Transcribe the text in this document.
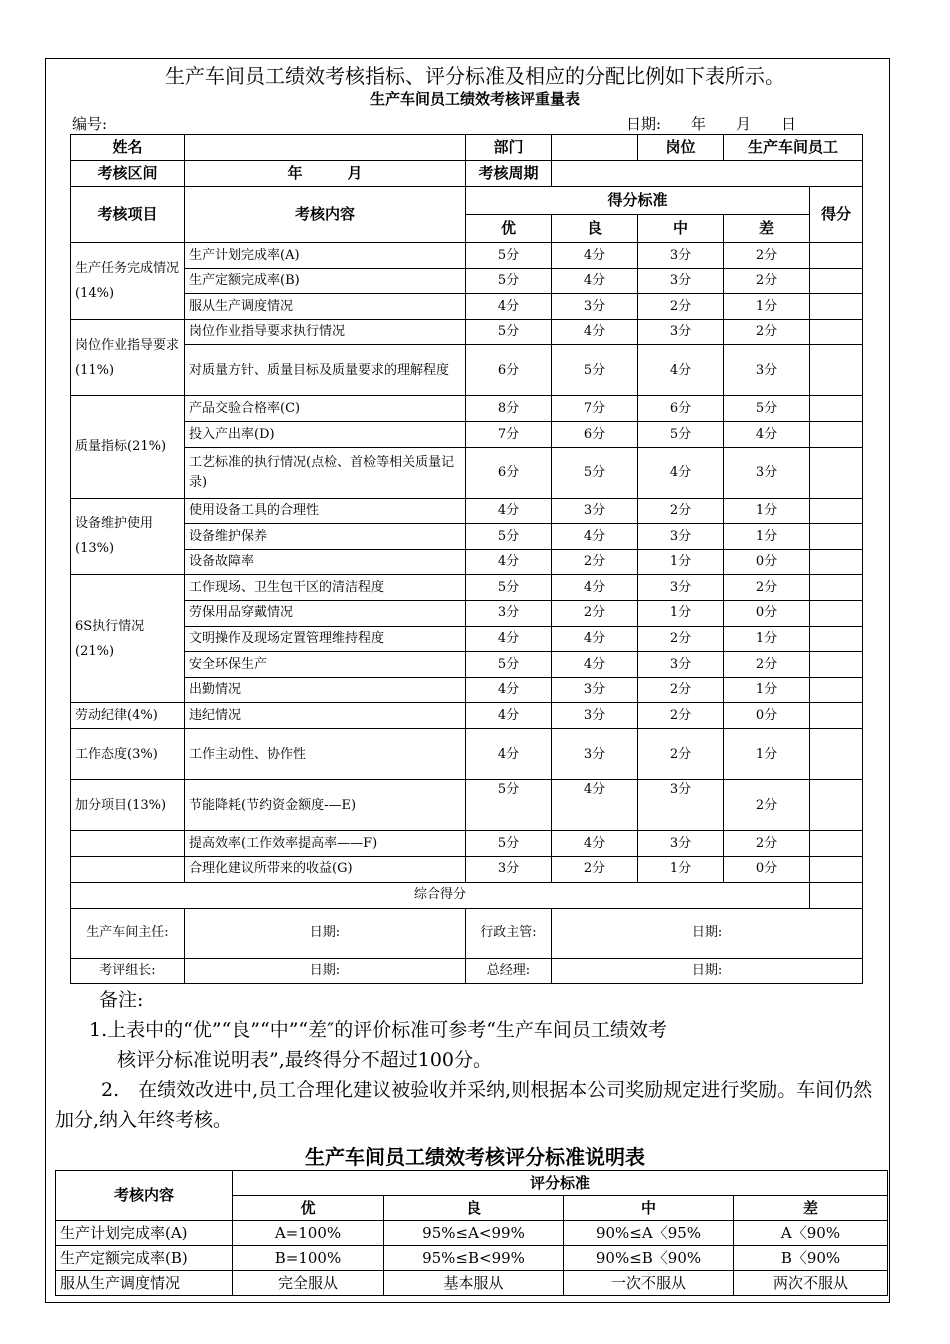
生产车间员工绩效考核指标、评分标准及相应的分配比例如下表所示。
生产车间员工绩效考核评重量表
编号:	日期:　　年　　月　　日
姓名		部门		岗位	生产车间员工	
考核区间	年　　　月	考核周期				
考核项目	考核内容	得分标准				得分
		优	良	中	差	
生产任务完成情况(14%)	生产计划完成率(A)	5分	4分	3分	2分	
	生产定额完成率(B)	5分	4分	3分	2分	
	服从生产调度情况	4分	3分	2分	1分	
岗位作业指导要求(11%)	岗位作业指导要求执行情况	5分	4分	3分	2分	
	对质量方针、质量目标及质量要求的理解程度	6分	5分	4分	3分	
质量指标(21%)	产品交验合格率(C)	8分	7分	6分	5分	
	投入产出率(D)	7分	6分	5分	4分	
	工艺标准的执行情况(点检、首检等相关质量记录)	6分	5分	4分	3分	
设备维护使用(13%)	使用设备工具的合理性	4分	3分	2分	1分	
	设备维护保养	5分	4分	3分	1分	
	设备故障率	4分	2分	1分	0分	
6S执行情况(21%)	工作现场、卫生包干区的清洁程度	5分	4分	3分	2分	
	劳保用品穿戴情况	3分	2分	1分	0分	
	文明操作及现场定置管理维持程度	4分	4分	2分	1分	
	安全环保生产	5分	4分	3分	2分	
	出勤情况	4分	3分	2分	1分	
劳动纪律(4%)	违纪情况	4分	3分	2分	0分	
工作态度(3%)	工作主动性、协作性	4分	3分	2分	1分	
加分项目(13%)	节能降耗(节约资金额度-—E)	5分	4分	3分	2分	
	提高效率(工作效率提高率——F)	5分	4分	3分	2分	
	合理化建议所带来的收益(G)	3分	2分	1分	0分	
综合得分						
生产车间主任:	日期:	行政主管:	日期:			
考评组长:	日期:	总经理:	日期:			
备注:
1.上表中的“优”“良”“中”“差″的评价标准可参考“生产车间员工绩效考
核评分标准说明表”,最终得分不超过100分。
2.　在绩效改进中,员工合理化建议被验收并采纳,则根据本公司奖励规定进行奖励。车间仍然加分,纳入年终考核。
生产车间员工绩效考核评分标准说明表
考核内容	评分标准			
	优	良	中	差
生产计划完成率(A)	A=100%	95%≤A<99%	90%≤A〈95%	A〈90%
生产定额完成率(B)	B=100%	95%≤B<99%	90%≤B〈90%	B〈90%
服从生产调度情况	完全服从	基本服从	一次不服从	两次不服从
